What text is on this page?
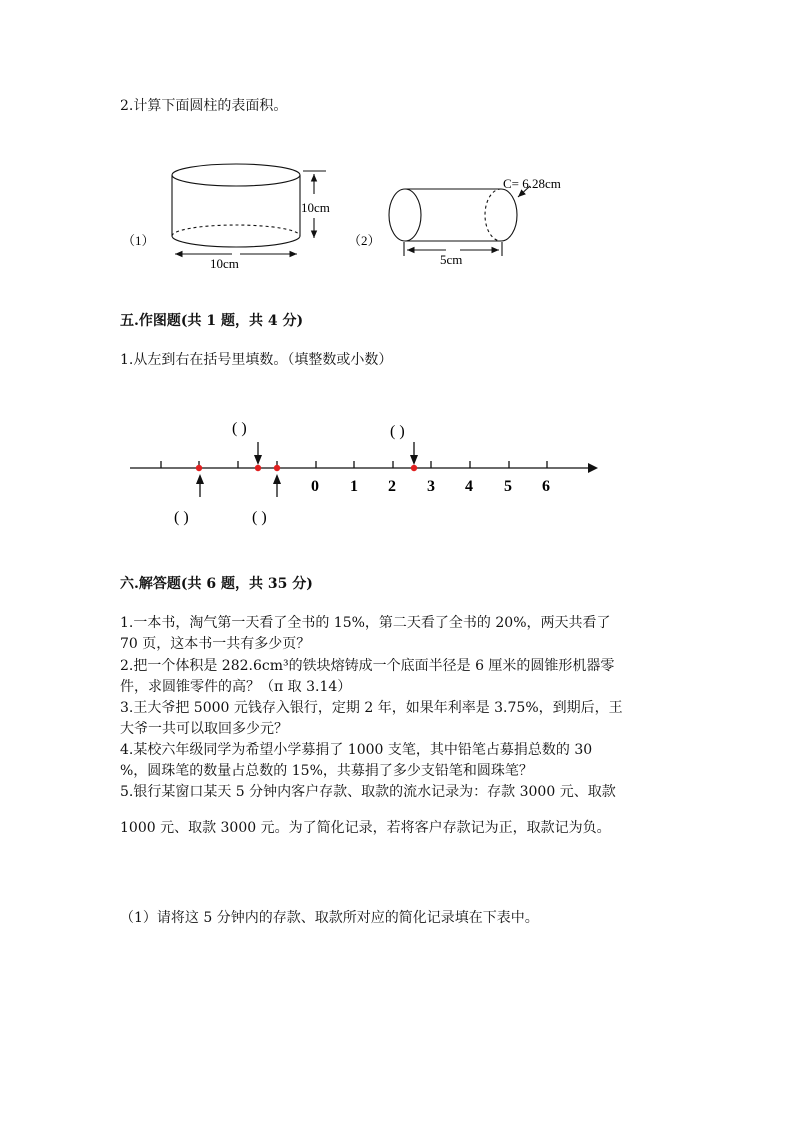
2.计算下面圆柱的表面积。
（1）
10cm
10cm
（2）
C= 6.28cm
5cm
五.作图题(共 1 题，共 4 分)
1.从左到右在括号里填数。（填整数或小数）
0 1 2 3 4 5 6
( )	( )
( )	( )
六.解答题(共 6 题，共 35 分)
1.一本书，淘气第一天看了全书的 15%，第二天看了全书的 20%，两天共看了
70 页，这本书一共有多少页？
2.把一个体积是 282.6cm³的铁块熔铸成一个底面半径是 6 厘米的圆锥形机器零
件，求圆锥零件的高？（π 取 3.14）
3.王大爷把 5000 元钱存入银行，定期 2 年，如果年利率是 3.75%，到期后，王
大爷一共可以取回多少元？
4.某校六年级同学为希望小学募捐了 1000 支笔，其中铅笔占募捐总数的 30
%，圆珠笔的数量占总数的 15%，共募捐了多少支铅笔和圆珠笔？
5.银行某窗口某天 5 分钟内客户存款、取款的流水记录为：存款 3000 元、取款
1000 元、取款 3000 元。为了简化记录，若将客户存款记为正，取款记为负。
（1）请将这 5 分钟内的存款、取款所对应的简化记录填在下表中。
